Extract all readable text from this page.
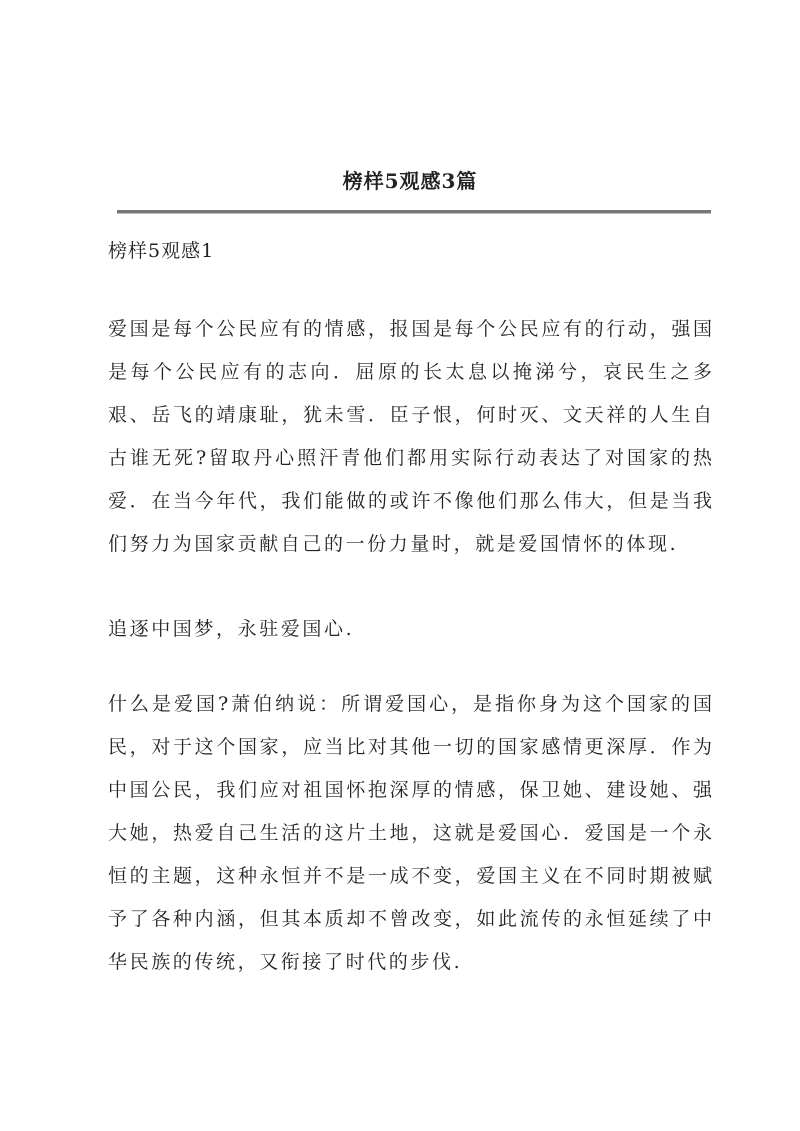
榜样5观感3篇
榜样5观感1
爱国是每个公民应有的情感，报国是每个公民应有的行动，强国
是每个公民应有的志向．屈原的长太息以掩涕兮，哀民生之多
艰、岳飞的靖康耻，犹未雪．臣子恨，何时灭、文天祥的人生自
古谁无死?留取丹心照汗青他们都用实际行动表达了对国家的热
爱．在当今年代，我们能做的或许不像他们那么伟大，但是当我
们努力为国家贡献自己的一份力量时，就是爱国情怀的体现.
追逐中国梦，永驻爱国心.
什么是爱国?萧伯纳说：所谓爱国心，是指你身为这个国家的国
民，对于这个国家，应当比对其他一切的国家感情更深厚．作为
中国公民，我们应对祖国怀抱深厚的情感，保卫她、建设她、强
大她，热爱自己生活的这片土地，这就是爱国心．爱国是一个永
恒的主题，这种永恒并不是一成不变，爱国主义在不同时期被赋
予了各种内涵，但其本质却不曾改变，如此流传的永恒延续了中
华民族的传统，又衔接了时代的步伐.
